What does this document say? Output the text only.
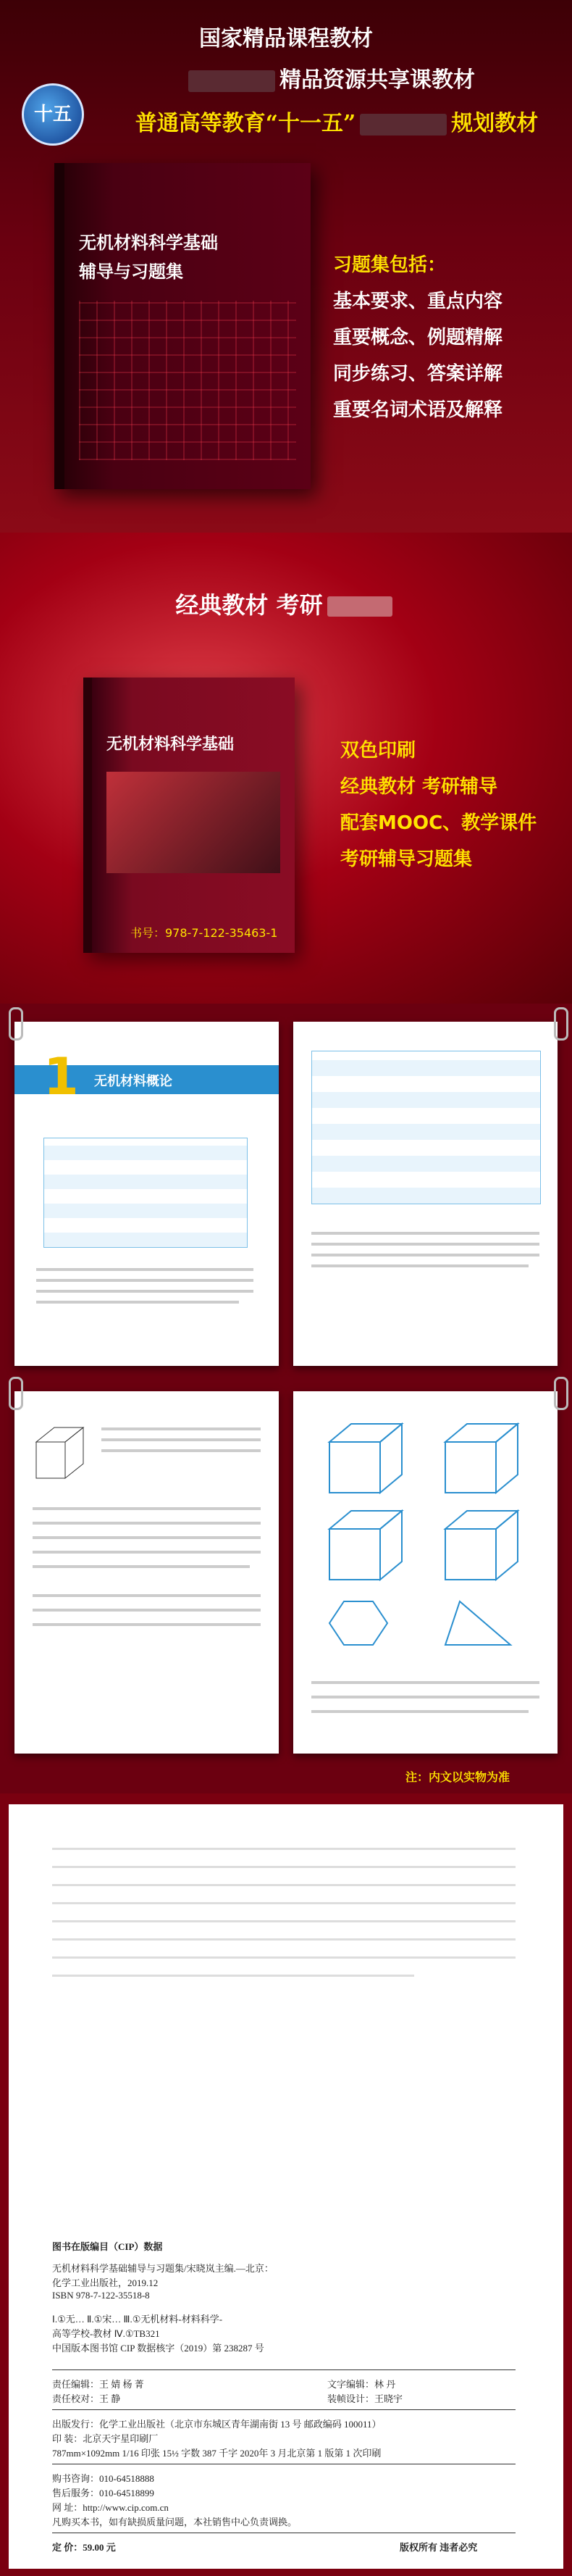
国家精品课程教材
精品资源共享课教材
十五	普通高等教育“十一五”	规划教材
无机材料科学基础
辅导与习题集	习题集包括：
基本要求、重点内容
重要概念、例题精解
同步练习、答案详解
重要名词术语及解释
经典教材 考研
无机材料科学基础
书号：978-7-122-35463-1
双色印刷
经典教材 考研辅导
配套MOOC、教学课件
考研辅导习题集
1 无机材料概论
注：内文以实物为准
图书在版编目（CIP）数据
无机材料科学基础辅导与习题集/宋晓岚主编.—北京：
化学工业出版社，2019.12
ISBN 978-7-122-35518-8
Ⅰ.①无… Ⅱ.①宋… Ⅲ.①无机材料-材料科学-
高等学校-教材 Ⅳ.①TB321
中国版本图书馆 CIP 数据核字（2019）第 238287 号
责任编辑：王 婧 杨 菁	文字编辑：林 丹
责任校对：王 静	装帧设计：王晓宇
出版发行：化学工业出版社（北京市东城区青年湖南街 13 号 邮政编码 100011）
印 装：北京天宇星印刷厂
787mm×1092mm 1/16 印张 15½ 字数 387 千字 2020年 3 月北京第 1 版第 1 次印刷
购书咨询：010-64518888
售后服务：010-64518899
网 址：http://www.cip.com.cn
凡购买本书，如有缺损质量问题，本社销售中心负责调换。
定 价：59.00 元	版权所有 违者必究
